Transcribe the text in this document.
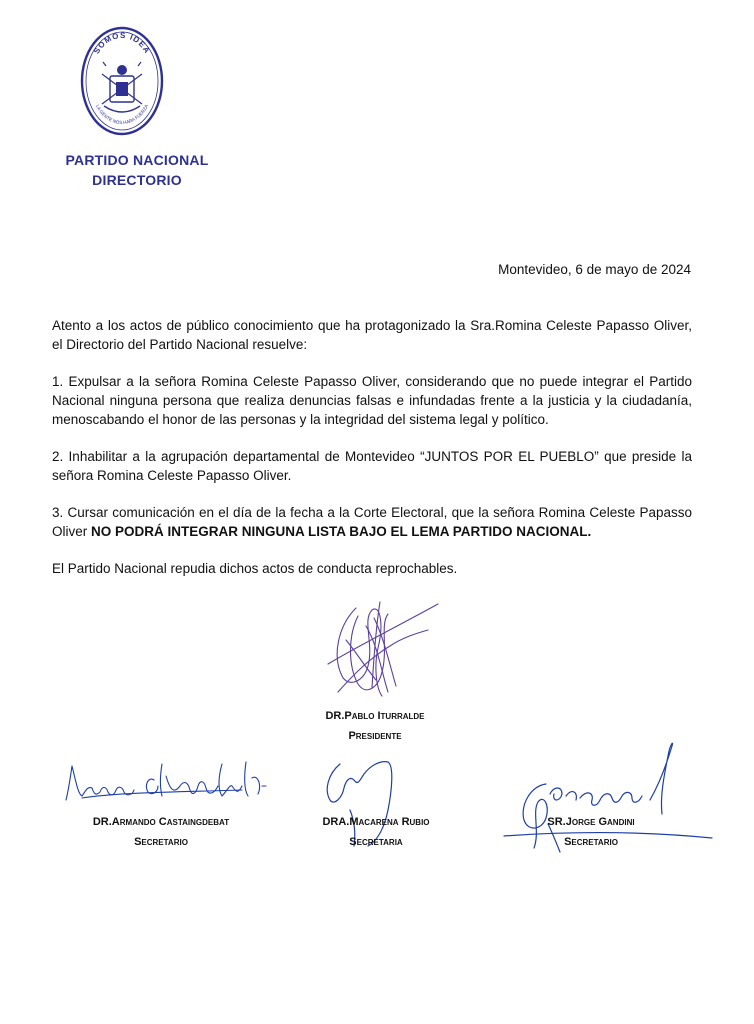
SOMOS IDEA
LA GENTE NOS HARA FUERZA
PARTIDO NACIONAL
DIRECTORIO
Montevideo, 6 de mayo de 2024

Atento a los actos de público conocimiento que ha protagonizado la Sra.Romina Celeste Papasso Oliver, el Directorio del Partido Nacional resuelve:

1. Expulsar a la señora Romina Celeste Papasso Oliver, considerando que no puede integrar el Partido Nacional ninguna persona que realiza denuncias falsas e infundadas frente a la justicia y la ciudadanía, menoscabando el honor de las personas y la integridad del sistema legal y político.

2. Inhabilitar a la agrupación departamental de Montevideo “JUNTOS POR EL PUEBLO” que preside la señora Romina Celeste Papasso Oliver.

3. Cursar comunicación en el día de la fecha a la Corte Electoral, que la señora Romina Celeste Papasso Oliver NO PODRÁ INTEGRAR NINGUNA LISTA BAJO EL LEMA PARTIDO NACIONAL.

El Partido Nacional repudia dichos actos de conducta reprochables.

DR.Pablo Iturralde
Presidente
DR.Armando Castaingdebat
Secretario
DRA.Macarena Rubio
Secretaria
SR.Jorge Gandini
Secretario
